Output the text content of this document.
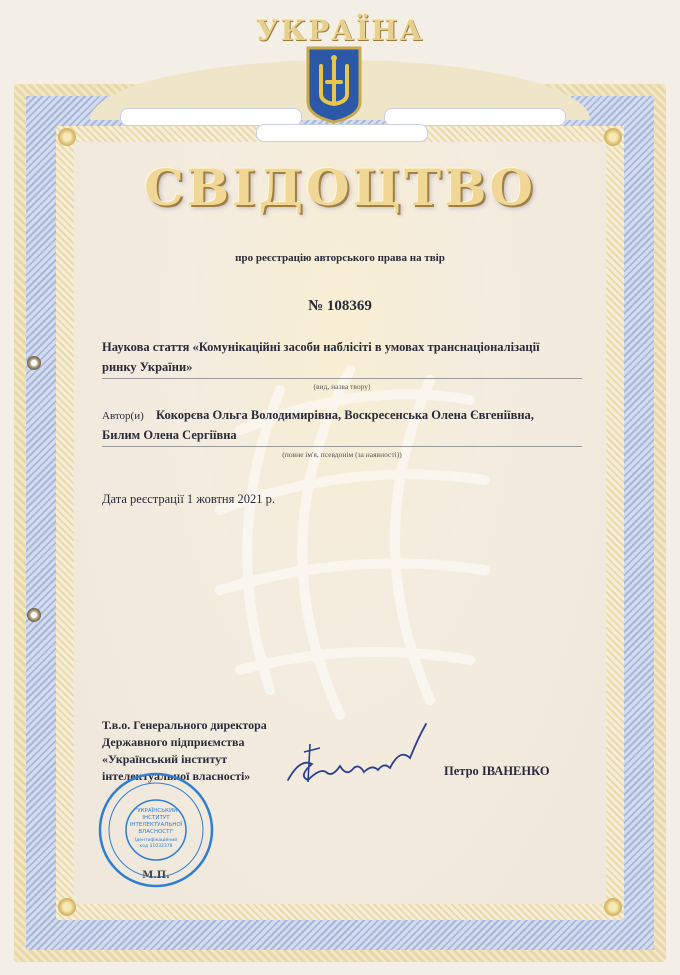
УКРАЇНА
СВІДОЦТВО
про реєстрацію авторського права на твір
№ 108369
Наукова стаття «Комунікаційні засоби наблісіті в умовах транснаціоналізації
ринку України»
(вид, назва твору)
Автор(и) Кокорєва Ольга Володимирівна, Воскресенська Олена Євгеніївна,
Билим Олена Сергіївна
(повне ім'я, псевдонім (за наявності))
Дата реєстрації 1 жовтня 2021 р.
Т.в.о. Генерального директора
Державного підприємства
«Український інститут
інтелектуальної власності»	Петро ІВАНЕНКО
"УКРАЇНСЬКИЙ
ІНСТИТУТ
ІНТЕЛЕКТУАЛЬНОЇ
ВЛАСНОСТІ"
Ідентифікаційний
код 31032378
М.П.
